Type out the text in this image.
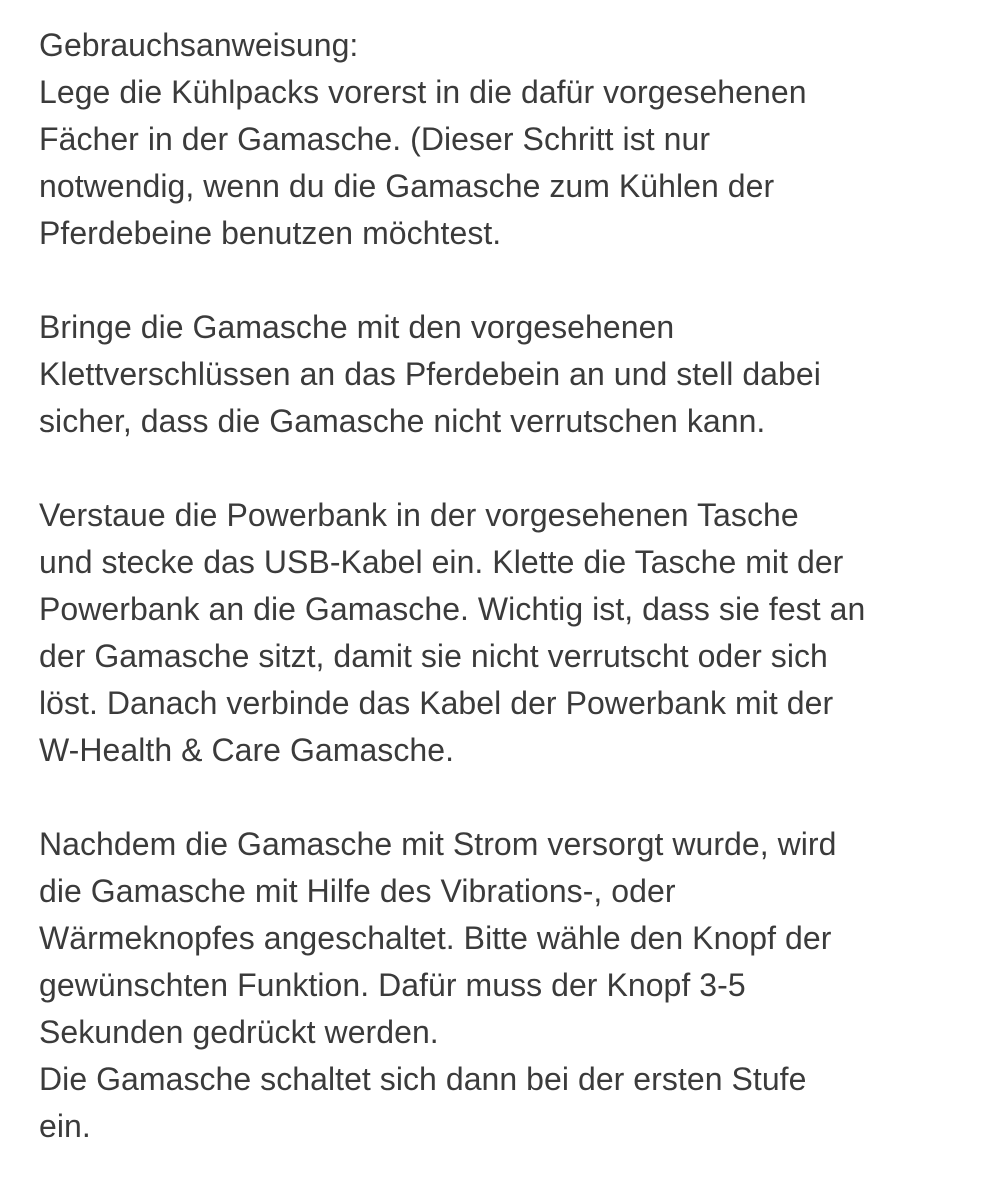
Gebrauchsanweisung:
Lege die Kühlpacks vorerst in die dafür vorgesehenen
Fächer in der Gamasche. (Dieser Schritt ist nur
notwendig, wenn du die Gamasche zum Kühlen der
Pferdebeine benutzen möchtest.
Bringe die Gamasche mit den vorgesehenen
Klettverschlüssen an das Pferdebein an und stell dabei
sicher, dass die Gamasche nicht verrutschen kann.
Verstaue die Powerbank in der vorgesehenen Tasche
und stecke das USB-Kabel ein. Klette die Tasche mit der
Powerbank an die Gamasche. Wichtig ist, dass sie fest an
der Gamasche sitzt, damit sie nicht verrutscht oder sich
löst. Danach verbinde das Kabel der Powerbank mit der
W-Health & Care Gamasche.
Nachdem die Gamasche mit Strom versorgt wurde, wird
die Gamasche mit Hilfe des Vibrations-, oder
Wärmeknopfes angeschaltet. Bitte wähle den Knopf der
gewünschten Funktion. Dafür muss der Knopf 3-5
Sekunden gedrückt werden.
Die Gamasche schaltet sich dann bei der ersten Stufe
ein.
